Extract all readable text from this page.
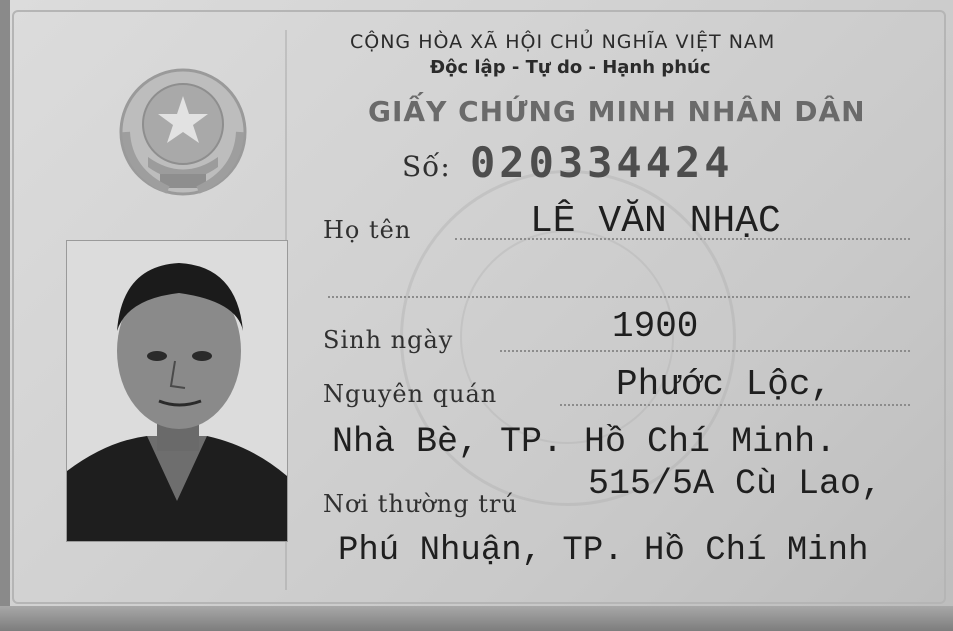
CỘNG HÒA XÃ HỘI CHỦ NGHĨA VIỆT NAM
Độc lập - Tự do - Hạnh phúc
GIẤY CHỨNG MINH NHÂN DÂN
Số: 020334424
Họ tên	LÊ VĂN NHẠC
Sinh ngày	1900
Nguyên quán	Phước Lộc,
Nhà Bè, TP. Hồ Chí Minh.
Nơi thường trú 515/5A Cù Lao,
Phú Nhuận, TP. Hồ Chí Minh
